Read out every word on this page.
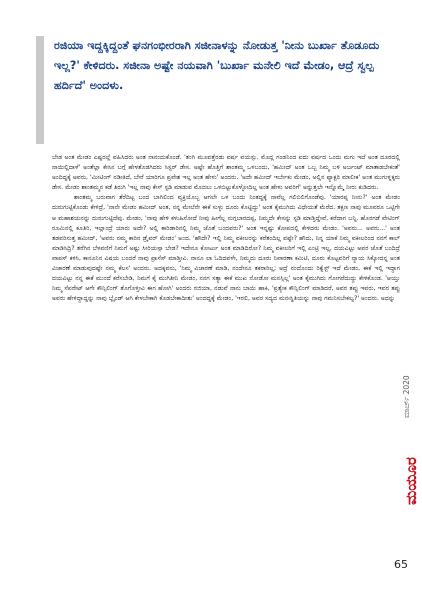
ರಜಿಯಾ ಇದ್ದಕ್ಕಿದ್ದಂತೆ ಘನಗಂಭೀರರಾಗಿ ಸಜೀನಾಳನ್ನು ನೋಡುತ್ತ 'ನೀನು ಬುರ್ಖಾ ತೊಡೂದು ಇಲ್ಲ?' ಕೇಳಿದರು. ಸಜೀನಾ ಅಷ್ಟೇ ನಯವಾಗಿ 'ಬುರ್ಖಾ ಮನೇಲಿ ಇದೆ ಮೇಡಂ, ಆದ್ರೆ ಸ್ವಲ್ಪ ಹರ್ದಿದೆ' ಅಂದಳು.

ಬೇಡ ಅಂತ ಮೇಡಂ ಎಷ್ಟರಲ್ಲೆ ವಹಿಸಿದರು ಅಂತ ನಾನಂದುಕೊಂಡೆ. 'ತಂಗಿ ಮೂವತ್ತೆರಡು ವರ್ಷ ವಯಸ್ಸು. ಮೊದ್ಲ ಗಂಡನಿಂದ ಐದು ವರ್ಷದ ಒಂದು ಮಗು ಇದೆ ಅಂತ ದೂರದಲ್ಲಿ ನಾಯಿಲ್ಲಿದಾಳೆ' ಅಂತೆಲ್ಲಾ ಕೇಸಿನ ಬಗ್ಗೆ ಹೇಳತೊಡಗಿದರು ಸಿಸ್ಟರ್ ಡೇಸ. ಅಷ್ಟೇ ಹೊತ್ತಿಗೆ ಶಾಂತಮ್ಮ ಒಳಬಂದು, 'ಹಮೀದ್ ಅಂತ ಒಬ್ಬ ನಿಮ್ಮ ಬಳಿ ಅರ್ಜಂಟ್ ಮಾತಾಡಬೇಕಂತೆ' ಅಂದಿದ್ದಕ್ಕೆ ಅವರು, 'ಮೀಟಿಂಗ್ ನಡೀತಿದೆ, ಬೇರೆ ಯಾರಿಗೂ ಪ್ರವೇಶ ಇಲ್ಲ ಅಂತ ಹೇಳು' ಅಂದರು. 'ಅದೇ ಹಮೀದ್ ಇರ್ಬೇಕು ಮೇಡಂ, ಅಲ್ಲಿನ ಫ್ಯಾಕ್ಟರಿ ಮಾಲೀಕ' ಅಂತ ಮುಗುಳ್ನಕ್ಕರು ಡೇಸ. ಮೇಡಂ ಶಾಂತಮ್ಮನ ಕಡೆ ತಿರುಗಿ 'ಇಲ್ಲ ನಾವು ಕೇಸ್ ಸ್ಟಡಿ ಮಾಡುವ ಮೊದಲು ಒಳಬಿಟ್ಟುಕೊಳ್ಳೋದಿಲ್ಲ ಅಂತ ಹೇಳು ಅವರಿಗೆ' ಅನ್ನುತ್ತಲೇ ಇನ್ನೊಮ್ಮೆ ನೀರು ಕುಡಿದರು.

ಶಾಂತಮ್ಮ ಬರುವಾಗ ತೆರೆದಿಟ್ಟ ಬಂದ ಬಾಗಿಲಿಂದ ವ್ಯಕ್ತಿಯೊಬ್ಬ ಆಗಲೇ ಒಳ ಬಂದು ನಿಂತದ್ದಕ್ಕೆ ನಾವೆಲ್ಲ ಗಲಿಬಿಲಿಗೊಂಡೆವು. 'ಯಾರಪ್ಪ ನೀನು?' ಅಂತ ಮೇಡಂ ದುರುಗುಟ್ಟಿಕೊಂಡು ಕೇಳಿದ್ರೆ, 'ನಾನೇ ಮೇಡಂ ಹಮೀದ್ ಅಂತ, ನನ್ನ ಮೇಲೆನೇ ಈಕೆ ಸುಳ್ಳು ದೂರು ಕೊಟ್ಟಿದ್ದು' ಅಂತ ಕೈಮುಗಿದು ವಿಧೇಯತೆ ಮೆರೆದ. ತಕ್ಷಣ ನಾವು ಮೂವರೂ ಒಟ್ಟಿಗೇ ಆ ಮಹಾಶಯನನ್ನು ದುರುಗುಟ್ಟಿದೆವು. ಮೇಡಂ, 'ನಾವು ಹೇಳಿ ಕಳುಹಿಸೋದೆ ನೀವು ಹೀಗೆಲ್ಲ ನುಗ್ಗಬಾರದಪ್ಪ, ನಿಮ್ಮದೇ ಕೇಸನ್ನು ಸ್ಟಡಿ ಮಾಡ್ತಿದ್ದೇವೆ, ಕರೆದಾಗ ಬನ್ನಿ. ಹೊರಗಡೆ ವೇಟಿಂಗ್ ರೂಮಿನಲ್ಲಿ ಕೂತಿರಿ, ಇಲ್ಲಾಂದ್ರೆ ಯಾರು ಅದೇ? ಅಲ್ಲಿ ಕಾರಿಡಾರಿನಲ್ಲಿ ನಿಮ್ಮ ಜೊತೆ ಬಂದವರು?' ಅಂತ ಇನ್ನಷ್ಟು ಕೋಪದಲ್ಲಿ ಕೇಳಿದರು ಮೇಡಂ. 'ಅವರು... ಅವರು...' ಅಂತ ತಡವರಿಸುತ್ತ ಹಮೀದ್, 'ಅವರು ನಮ್ಮ ಕಾರಿನ ಡ್ರೈವರ್ ಮೇಡಂ' ಅಂದ. 'ಹೌದೇ? ಇಲ್ಲಿ ನಿಮ್ಮ ವಕೀಲರನ್ನು ಕರೆತಂದಿಲ್ಲ ವಷ್ಟೇ? ಹೌದು, ನಿನ್ನ ಯಾಕೆ ನಿಮ್ಮ ವಕೀಲರಿಂದ ನನಗೆ ಕಾಲ್ ಮಾಡಿಸಿದ್ರಿ? ತರೆಗಿನ ಬೆಳವಣಿಗೆ ನಿಮಗೆ ಅಷ್ಟು ಸೀರಿಯಸ್ಸಾ ಬೇಡ? ಇದೇನೂ ಕೋರ್ಟು ಅಂತ ಮಾಡಿದಿರೋ? ನಿಮ್ಮ ವಕೀಲರಿಗೆ ಇಲ್ಲಿ ಎಂಟ್ರಿ ಇಲ್ಲ, ದಯವಿಟ್ಟು ಅವರ ಜೊತೆ ಬಂದಿದ್ರೆ ವಾಪಸ್ ಕಳಿಸಿ, ಕಾನೂನಿನ ವಿಷಯ ಬಂದರೆ ನಾವು ಪ್ರಾಸೆಸ್ ಮಾಡ್ತೀವಿ. ನಾನೂ ಲಾ ಓದಿದವಳೇ, ನಿಮ್ಮದು ದೂರು ನಿವಾರಣಾ ಕಮಿಟಿ, ದೂರು ಕೊಟ್ಟವರಿಗೆ ನ್ಯಾಯ ಸಿಕ್ಕೋದನ್ನ ಅಂತ ವಿಚಾರಣೆ ಮಾಡುವುದಷ್ಟೇ ನಮ್ಮ ಕೆಲಸ' ಅಂದರು. ಅದಕ್ಕವನು, 'ನಿಮ್ಮ ವಿಚಾರಣೆ ಮಾಡಿ, ನಂದೇನೂ ತಕರಾರಿಲ್ಲ; ಅದ್ರೆ ನಂದೊಂದು ರಿಕ್ವೆಸ್ಟ್ ಇದೆ ಮೇಡಂ, ಈಕೆ ಇಲ್ಲಿ ಇದ್ದಾಗ ದಯವಿಟ್ಟು ನನ್ನ ಈಕೆ ಮುಂದೆ ಕರೆಸಬೇಡಿ, ನಿಮಗೆ ಕೈ ಮುಗಿತೀನಿ ಮೇಡಂ, ನನಗ ಸತ್ಯಾ ಈಕೆ ಮುಖ ನೋಡೋ ಮನಸ್ಸಿಲ್ಲ' ಅಂತ ಕೈಮುಗಿದು ಗೋಗರೆದುದ್ದು ಕೇಳಿಕೊಂಡ. 'ಆಯ್ತು ನಿಮ್ಮ ಸೆಪರೇಟ್ ಆಗೇ ಕೌನ್ಸಿಲಿಂಗ್ ತೊಗೊಳ್ತೀವಿ ಈಗ ಹೋಗಿ' ಅಂದರು ರಜಿಯಾ, ನಡುವೆ ನಾನು ಬಾಯಿ ಹಾಕಿ, 'ಪ್ರತ್ಯೇಕ ಕೌನ್ಸಿಲಿಂಗ್ ಮಾಡಿದರೆ, ಅವರ ತಪ್ಪು ಇವರು, ಇವರ ತಪ್ಪು ಅವರು ಹೇಳಿದ್ದಾದ್ದನ್ನು ನಾವು ಬ್ಲೈಂಡ್ ಆಗಿ ಕೇಳಬೇಕಾಗಿ ಕೊಡಬೇಕಾದೀತು' ಅಂದದ್ದಕ್ಕೆ ಮೇಡಂ, 'ಇರಲಿ, ಅವರ ಸದ್ಯದ ಮನಃಸ್ಥಿತಿಯನ್ನು ನಾವು ಗಮನಿಸಬೇಕಲ್ವ?' ಅಂದರು. ಅದನ್ನು

ಮಾರ್ಚ್ 2020
ಮಯೂರ
65
